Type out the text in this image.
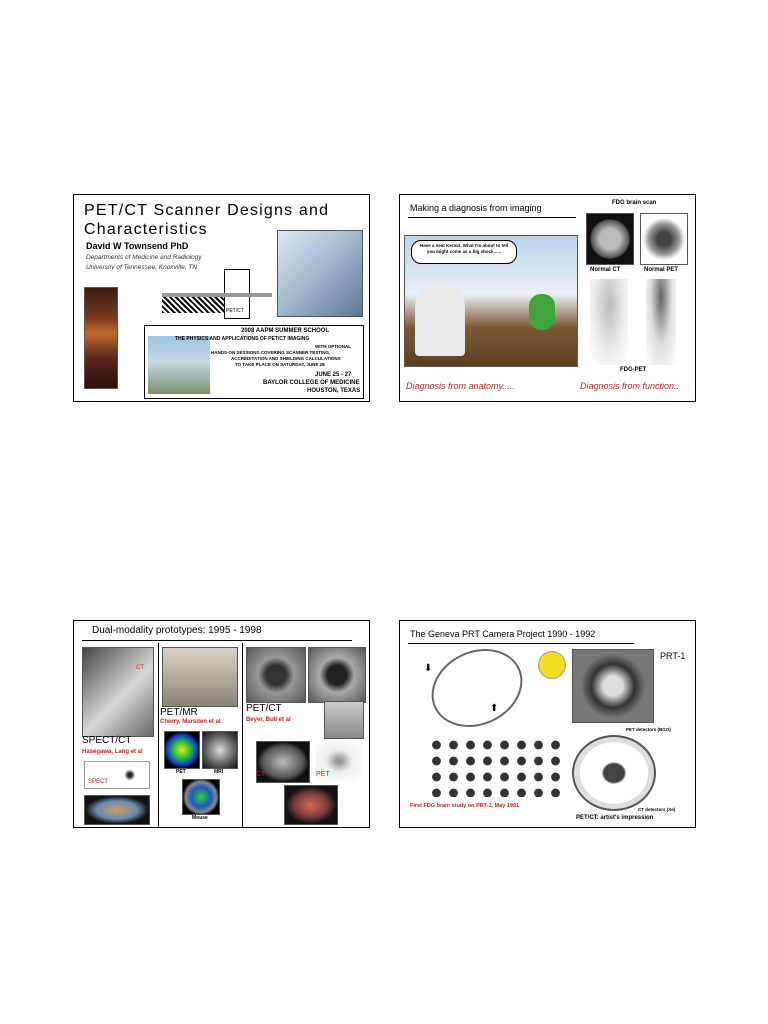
PET/CT Scanner Designs and Characteristics
David W Townsend PhD
Departments of Medicine and Radiology
University of Tennessee, Knoxville, TN
PET/CT
2008 AAPM SUMMER SCHOOL
THE PHYSICS AND APPLICATIONS OF PET/CT IMAGING
WITH OPTIONAL
HANDS-ON SESSIONS COVERING SCANNER TESTING,
ACCREDITATION AND SHIELDING CALCULATIONS
TO TAKE PLACE ON SATURDAY, JUNE 28
JUNE 25 - 27
BAYLOR COLLEGE OF MEDICINE
HOUSTON, TEXAS
Making a diagnosis from imaging	FDG brain scan
Have a seat Kermit. What I'm about to tell you might come as a big shock......
Normal CT	Normal PET
FDG-PET
Diagnosis from anatomy.....	Diagnosis from function..
Dual-modality prototypes: 1995 - 1998
CT
SPECT/CT
Hasegawa, Lang et al
SPECT
PET/MR
Cherry, Marsden et al
PET	MRI
Mouse
PET/CT
Beyer, Bull et al
CT	PET
The Geneva PRT Camera Project 1990 - 1992
⬇
⬆
PRT-1
First FDG brain study on PRT-1, May 1991
PET detectors (BGO)
CT detectors (Xe)
PET/CT: artist's impression
